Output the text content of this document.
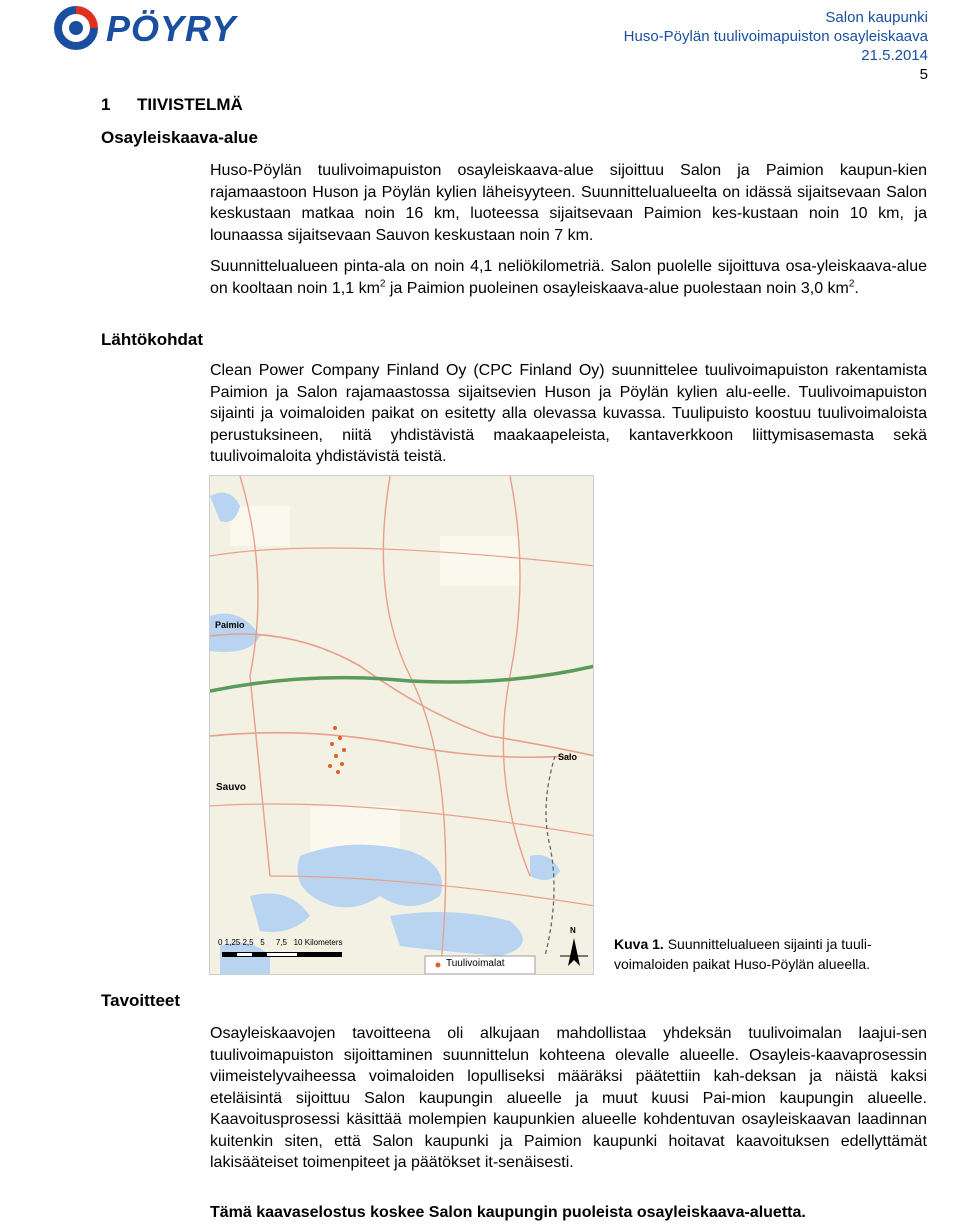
PÖYRY	Salon kaupunki
Huso-Pöylän tuulivoimapuiston osayleiskaava
21.5.2014
5
1 TIIVISTELMÄ
Osayleiskaava-alue
Lähtökohdat
Tavoitteet

Huso-Pöylän tuulivoimapuiston osayleiskaava-alue sijoittuu Salon ja Paimion kaupun-kien rajamaastoon Huson ja Pöylän kylien läheisyyteen. Suunnittelualueelta on idässä sijaitsevaan Salon keskustaan matkaa noin 16 km, luoteessa sijaitsevaan Paimion kes-kustaan noin 10 km, ja lounaassa sijaitsevaan Sauvon keskustaan noin 7 km.

Suunnittelualueen pinta-ala on noin 4,1 neliökilometriä. Salon puolelle sijoittuva osa-yleiskaava-alue on kooltaan noin 1,1 $km^2$ ja Paimion puoleinen osayleiskaava-alue puolestaan noin 3,0 $km^2$.

Clean Power Company Finland Oy (CPC Finland Oy) suunnittelee tuulivoimapuiston rakentamista Paimion ja Salon rajamaastossa sijaitsevien Huson ja Pöylän kylien alu-eelle. Tuulivoimapuiston sijainti ja voimaloiden paikat on esitetty alla olevassa kuvassa. Tuulipuisto koostuu tuulivoimaloista perustuksineen, niitä yhdistävistä maakaapeleista, kantaverkkoon liittymisasemasta sekä tuulivoimaloita yhdistävistä teistä.

Paimio
Salo
Sauvo
0 1,25 2,5   5     7,5   10 Kilometers
Tuulivoimalat
N
Kuva 1. Suunnittelualueen sijainti ja tuuli-voimaloiden paikat Huso-Pöylän alueella.

Osayleiskaavojen tavoitteena oli alkujaan mahdollistaa yhdeksän tuulivoimalan laajui-sen tuulivoimapuiston sijoittaminen suunnittelun kohteena olevalle alueelle. Osayleis-kaavaprosessin viimeistelyvaiheessa voimaloiden lopulliseksi määräksi päätettiin kah-deksan ja näistä kaksi eteläisintä sijoittuu Salon kaupungin alueelle ja muut kuusi Pai-mion kaupungin alueelle. Kaavoitusprosessi käsittää molempien kaupunkien alueelle kohdentuvan osayleiskaavan laadinnan kuitenkin siten, että Salon kaupunki ja Paimion kaupunki hoitavat kaavoituksen edellyttämät lakisääteiset toimenpiteet ja päätökset it-senäisesti.

Tämä kaavaselostus koskee Salon kaupungin puoleista osayleiskaava-aluetta.
